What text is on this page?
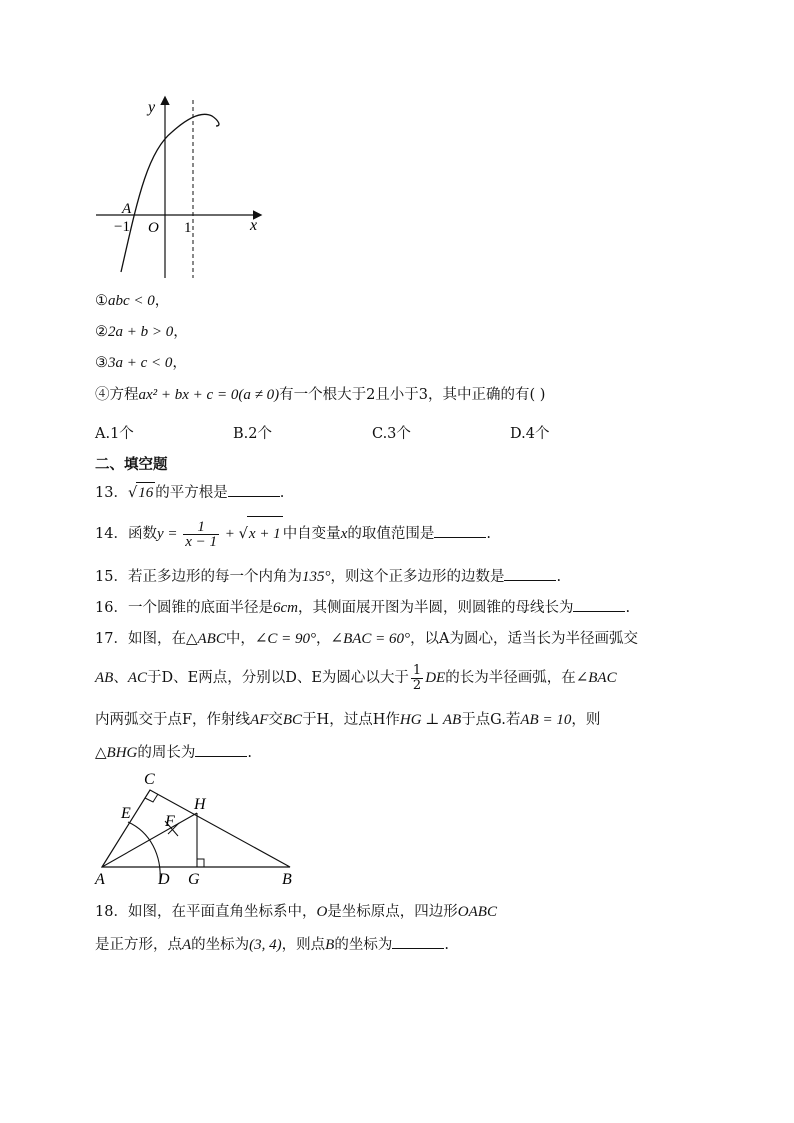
y
x
A
−1 O 1
①abc < 0，
②2a + b > 0，
③3a + c < 0，
④方程ax² + bx + c = 0(a ≠ 0)有一个根大于2且小于3，其中正确的有( )
A.1个	B.2个	C.3个	D.4个
二、填空题
13．√16 的平方根是	.
14．函数$y = \frac{1}{x - 1} + √x + 1$ 中自变量x的取值范围是	.
15．若正多边形的每一个内角为135°，则这个正多边形的边数是	.
16．一个圆锥的底面半径是6cm，其侧面展开图为半圆，则圆锥的母线长为	.
17．如图，在△ABC中，∠C = 90°，∠BAC = 60°，以A为圆心，适当长为半径画弧交
AB、AC于D、E两点，分别以D、E为圆心以大于 $\frac{1}{2}$ DE的长为半径画弧，在∠BAC
内两弧交于点F，作射线AF交BC于H，过点H作HG ⊥ AB于点G.若AB = 10，则
△BHG的周长为	.
C
H
E F
A	D G	B
18．如图，在平面直角坐标系中，O是坐标原点，四边形OABC
是正方形，点A的坐标为(3, 4)，则点B的坐标为	.
